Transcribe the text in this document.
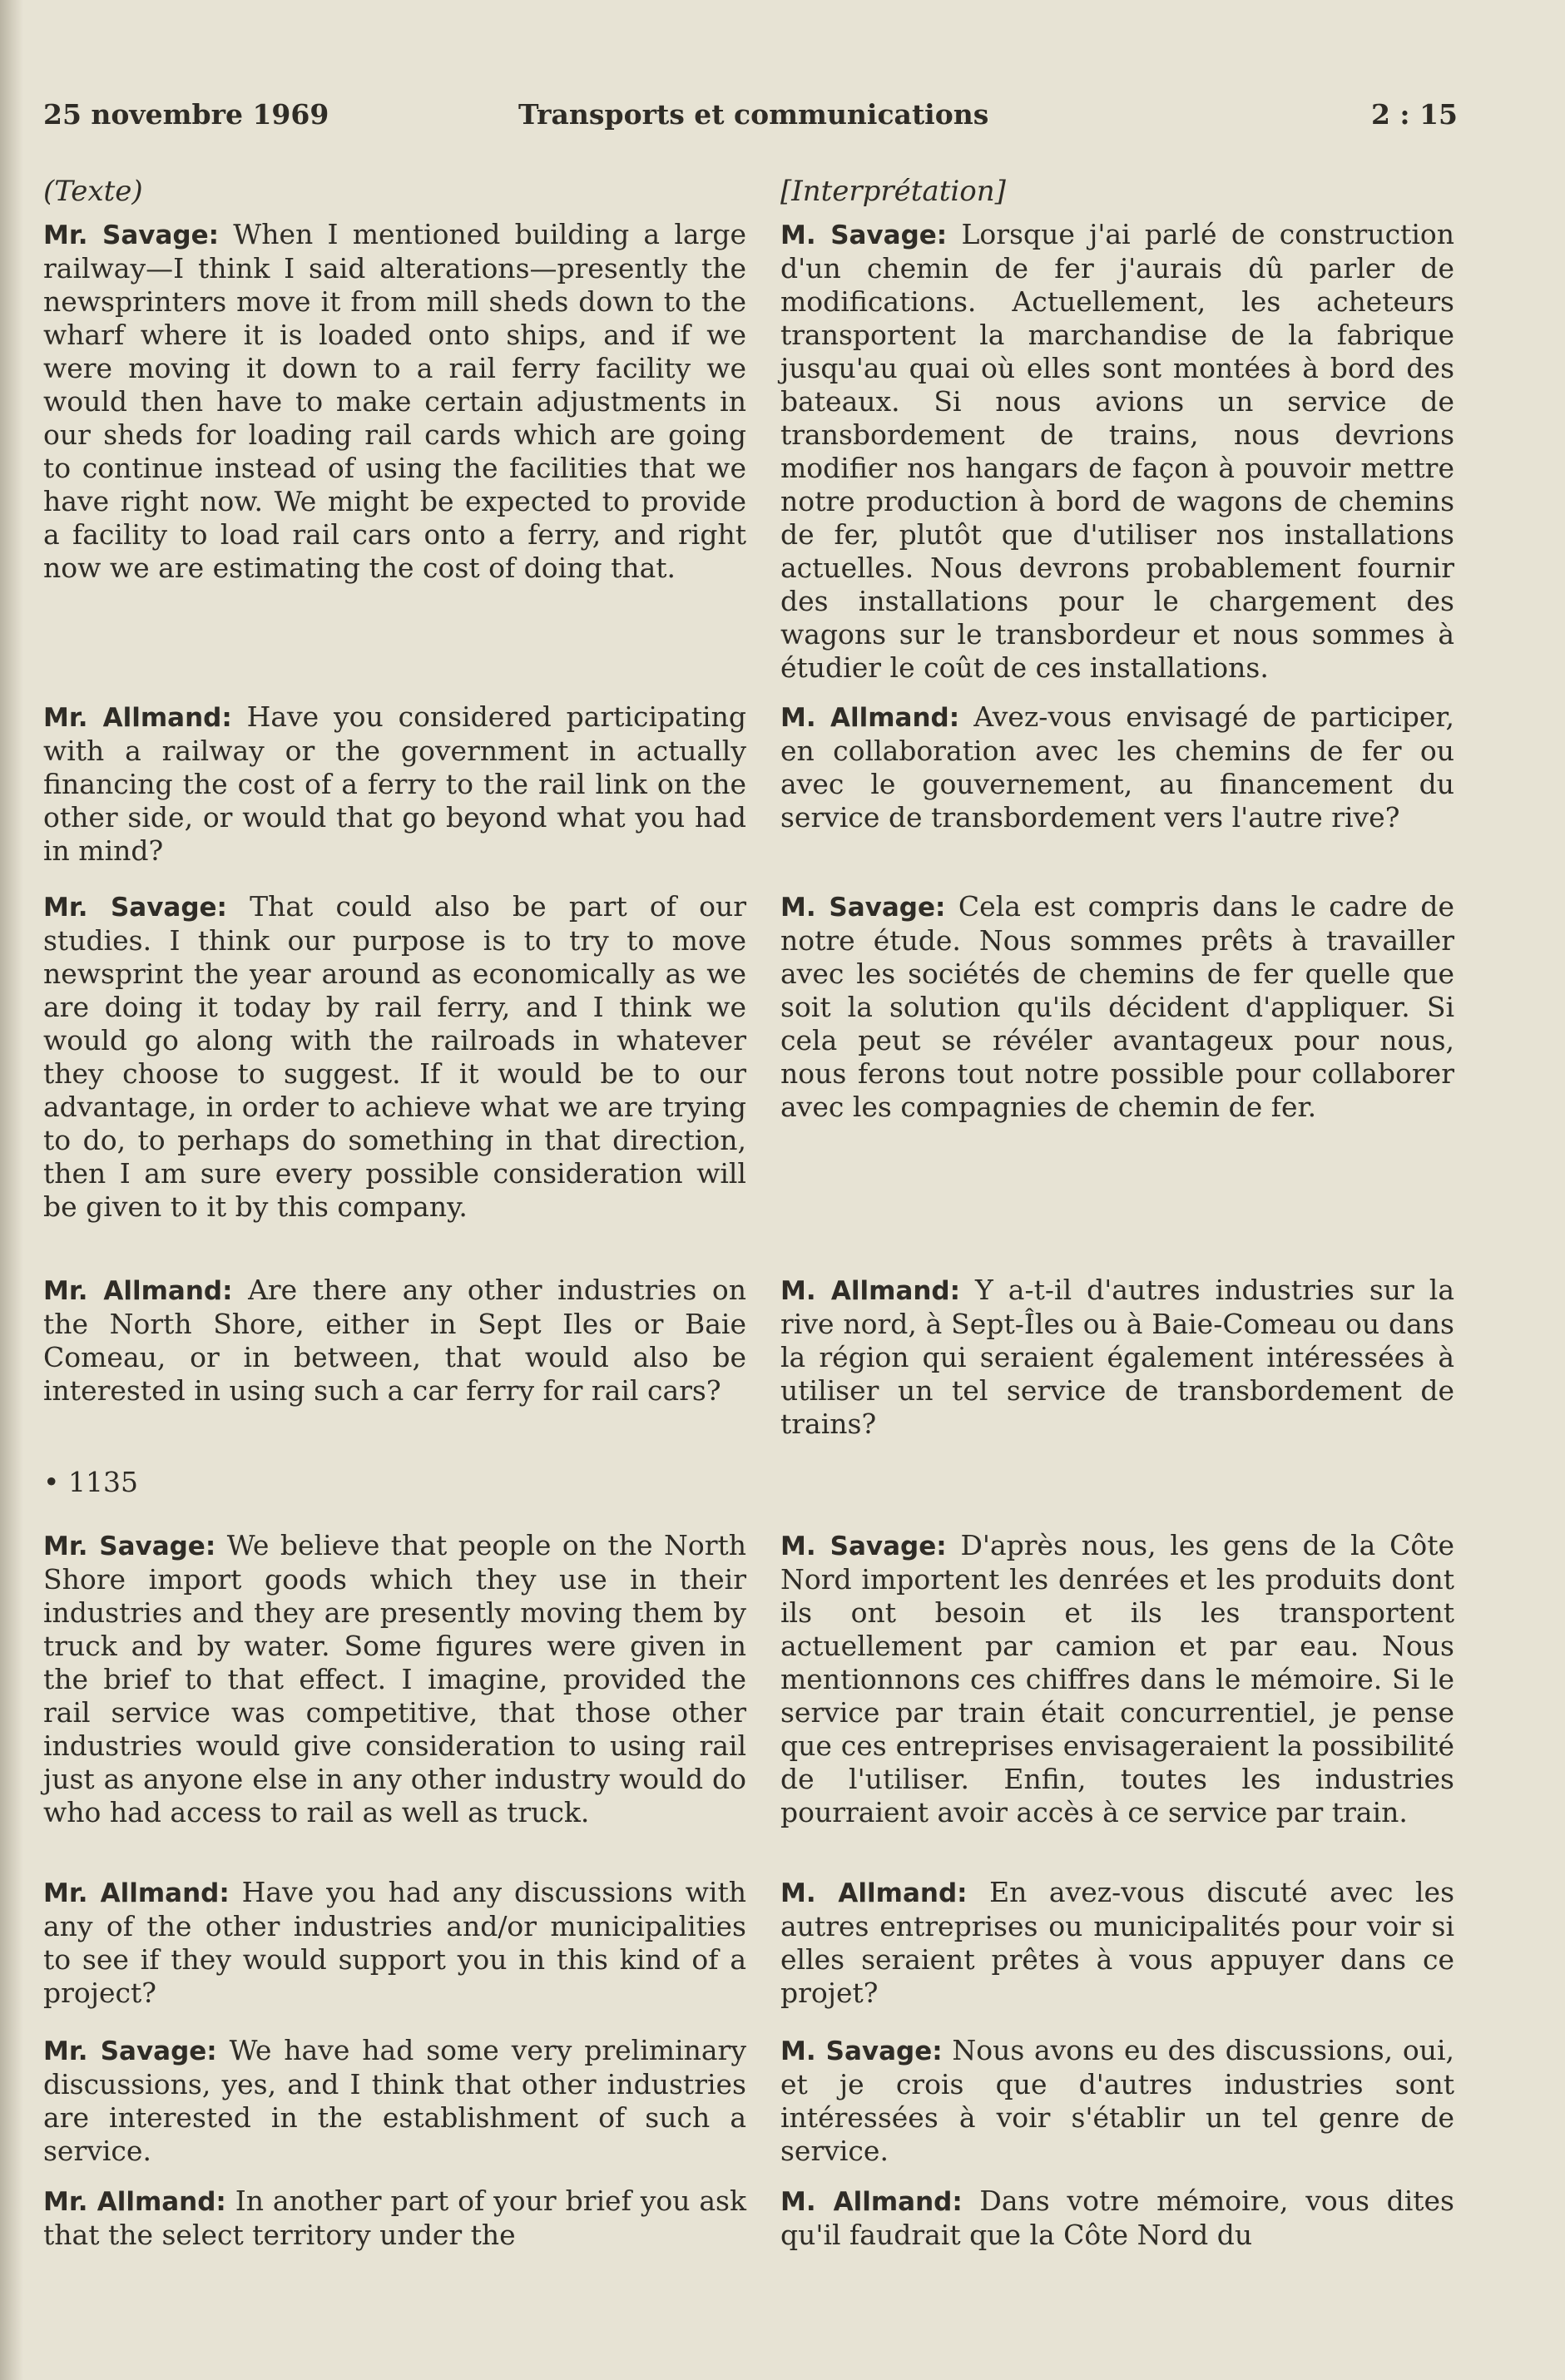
25 novembre 1969	Transports et communications	2 : 15
(Texte)

Mr. Savage: When I mentioned building a large railway—I think I said alterations—presently the newsprinters move it from mill sheds down to the wharf where it is loaded onto ships, and if we were moving it down to a rail ferry facility we would then have to make certain adjustments in our sheds for loading rail cards which are going to continue instead of using the facilities that we have right now. We might be expected to provide a facility to load rail cars onto a ferry, and right now we are estimating the cost of doing that.

Mr. Allmand: Have you considered participating with a railway or the government in actually financing the cost of a ferry to the rail link on the other side, or would that go beyond what you had in mind?

Mr. Savage: That could also be part of our studies. I think our purpose is to try to move newsprint the year around as economically as we are doing it today by rail ferry, and I think we would go along with the railroads in whatever they choose to suggest. If it would be to our advantage, in order to achieve what we are trying to do, to perhaps do something in that direction, then I am sure every possible consideration will be given to it by this company.

Mr. Allmand: Are there any other industries on the North Shore, either in Sept Iles or Baie Comeau, or in between, that would also be interested in using such a car ferry for rail cars?

• 1135

Mr. Savage: We believe that people on the North Shore import goods which they use in their industries and they are presently moving them by truck and by water. Some figures were given in the brief to that effect. I imagine, provided the rail service was competitive, that those other industries would give consideration to using rail just as anyone else in any other industry would do who had access to rail as well as truck.

Mr. Allmand: Have you had any discussions with any of the other industries and/or municipalities to see if they would support you in this kind of a project?

Mr. Savage: We have had some very preliminary discussions, yes, and I think that other industries are interested in the establishment of such a service.

Mr. Allmand: In another part of your brief you ask that the select territory under the

[Interprétation]

M. Savage: Lorsque j'ai parlé de construction d'un chemin de fer j'aurais dû parler de modifications. Actuellement, les acheteurs transportent la marchandise de la fabrique jusqu'au quai où elles sont montées à bord des bateaux. Si nous avions un service de transbordement de trains, nous devrions modifier nos hangars de façon à pouvoir mettre notre production à bord de wagons de chemins de fer, plutôt que d'utiliser nos installations actuelles. Nous devrons probablement fournir des installations pour le chargement des wagons sur le transbordeur et nous sommes à étudier le coût de ces installations.

M. Allmand: Avez-vous envisagé de participer, en collaboration avec les chemins de fer ou avec le gouvernement, au financement du service de transbordement vers l'autre rive?

M. Savage: Cela est compris dans le cadre de notre étude. Nous sommes prêts à travailler avec les sociétés de chemins de fer quelle que soit la solution qu'ils décident d'appliquer. Si cela peut se révéler avantageux pour nous, nous ferons tout notre possible pour collaborer avec les compagnies de chemin de fer.

M. Allmand: Y a-t-il d'autres industries sur la rive nord, à Sept-Îles ou à Baie-Comeau ou dans la région qui seraient également intéressées à utiliser un tel service de transbordement de trains?

M. Savage: D'après nous, les gens de la Côte Nord importent les denrées et les produits dont ils ont besoin et ils les transportent actuellement par camion et par eau. Nous mentionnons ces chiffres dans le mémoire. Si le service par train était concurrentiel, je pense que ces entreprises envisageraient la possibilité de l'utiliser. Enfin, toutes les industries pourraient avoir accès à ce service par train.

M. Allmand: En avez-vous discuté avec les autres entreprises ou municipalités pour voir si elles seraient prêtes à vous appuyer dans ce projet?

M. Savage: Nous avons eu des discussions, oui, et je crois que d'autres industries sont intéressées à voir s'établir un tel genre de service.

M. Allmand: Dans votre mémoire, vous dites qu'il faudrait que la Côte Nord du
